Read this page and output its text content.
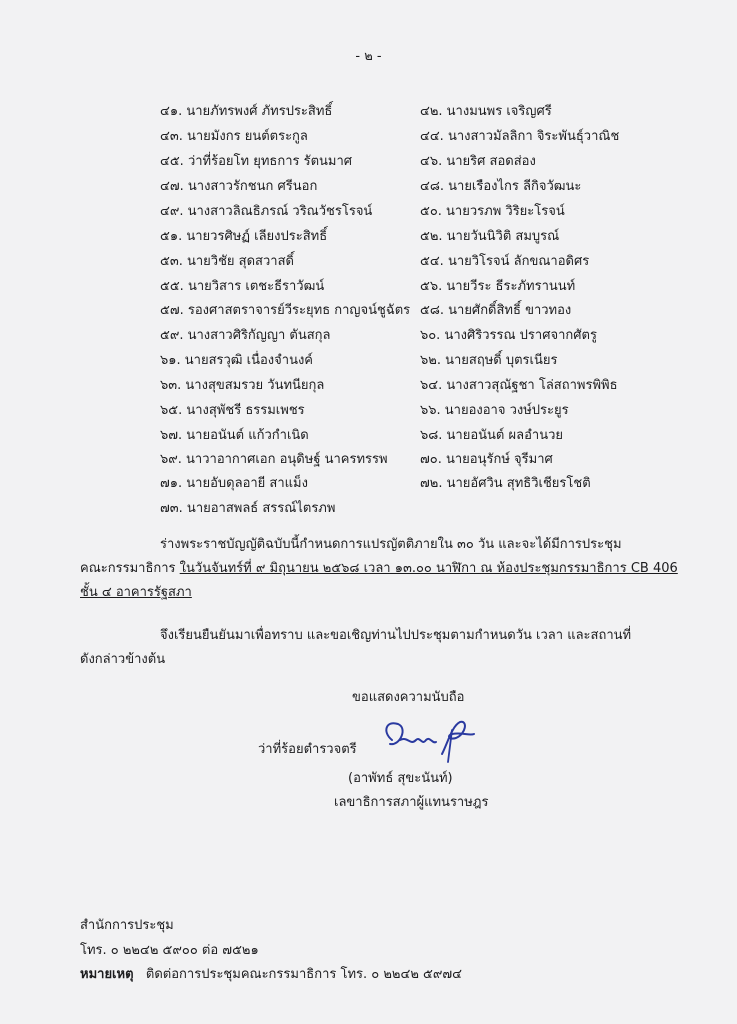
- ๒ -
๔๑. นายภัทรพงศ์ ภัทรประสิทธิ์
๔๓. นายมังกร ยนต์ตระกูล
๔๕. ว่าที่ร้อยโท ยุทธการ รัตนมาศ
๔๗. นางสาวรักชนก ศรีนอก
๔๙. นางสาวลิณธิภรณ์ วริณวัชรโรจน์
๕๑. นายวรศิษฏ์ เลียงประสิทธิ์
๕๓. นายวิชัย สุดสวาสดิ์
๕๕. นายวิสาร เตชะธีราวัฒน์
๕๗. รองศาสตราจารย์วีระยุทธ กาญจน์ชูฉัตร
๕๙. นางสาวศิริกัญญา ตันสกุล
๖๑. นายสรวุฒิ เนื่องจำนงค์
๖๓. นางสุขสมรวย วันทนียกุล
๖๕. นางสุพัชรี ธรรมเพชร
๖๗. นายอนันต์ แก้วกำเนิด
๖๙. นาวาอากาศเอก อนุดิษฐ์ นาครทรรพ
๗๑. นายอับดุลอายี สาแม็ง
๗๓. นายอาสพลธ์ สรรณ์ไตรภพ
๔๒. นางมนพร เจริญศรี
๔๔. นางสาวมัลลิกา จิระพันธุ์วาณิช
๔๖. นายริศ สอดส่อง
๔๘. นายเรืองไกร ลีกิจวัฒนะ
๕๐. นายวรภพ วิริยะโรจน์
๕๒. นายวันนิวิติ สมบูรณ์
๕๔. นายวิโรจน์ ลักขณาอดิศร
๕๖. นายวีระ ธีระภัทรานนท์
๕๘. นายศักดิ์สิทธิ์ ขาวทอง
๖๐. นางศิริวรรณ ปราศจากศัตรู
๖๒. นายสฤษดิ์ บุตรเนียร
๖๔. นางสาวสุณัฐชา โล่สถาพรพิพิธ
๖๖. นายองอาจ วงษ์ประยูร
๖๘. นายอนันต์ ผลอำนวย
๗๐. นายอนุรักษ์ จุรีมาศ
๗๒. นายอัศวิน สุทธิวิเชียรโชติ
ร่างพระราชบัญญัติฉบับนี้กำหนดการแปรญัตติภายใน ๓๐ วัน และจะได้มีการประชุม
คณะกรรมาธิการ ในวันจันทร์ที่ ๙ มิถุนายน ๒๕๖๘ เวลา ๑๓.๐๐ นาฬิกา ณ ห้องประชุมกรรมาธิการ CB 406
ชั้น ๔ อาคารรัฐสภา
จึงเรียนยืนยันมาเพื่อทราบ และขอเชิญท่านไปประชุมตามกำหนดวัน เวลา และสถานที่
ดังกล่าวข้างต้น
ขอแสดงความนับถือ
ว่าที่ร้อยตำรวจตรี
(อาพัทธ์ สุขะนันท์)
เลขาธิการสภาผู้แทนราษฎร
สำนักการประชุม
โทร. ๐ ๒๒๔๒ ๕๙๐๐ ต่อ ๗๕๒๑
หมายเหตุ ติดต่อการประชุมคณะกรรมาธิการ โทร. ๐ ๒๒๔๒ ๕๙๗๔
